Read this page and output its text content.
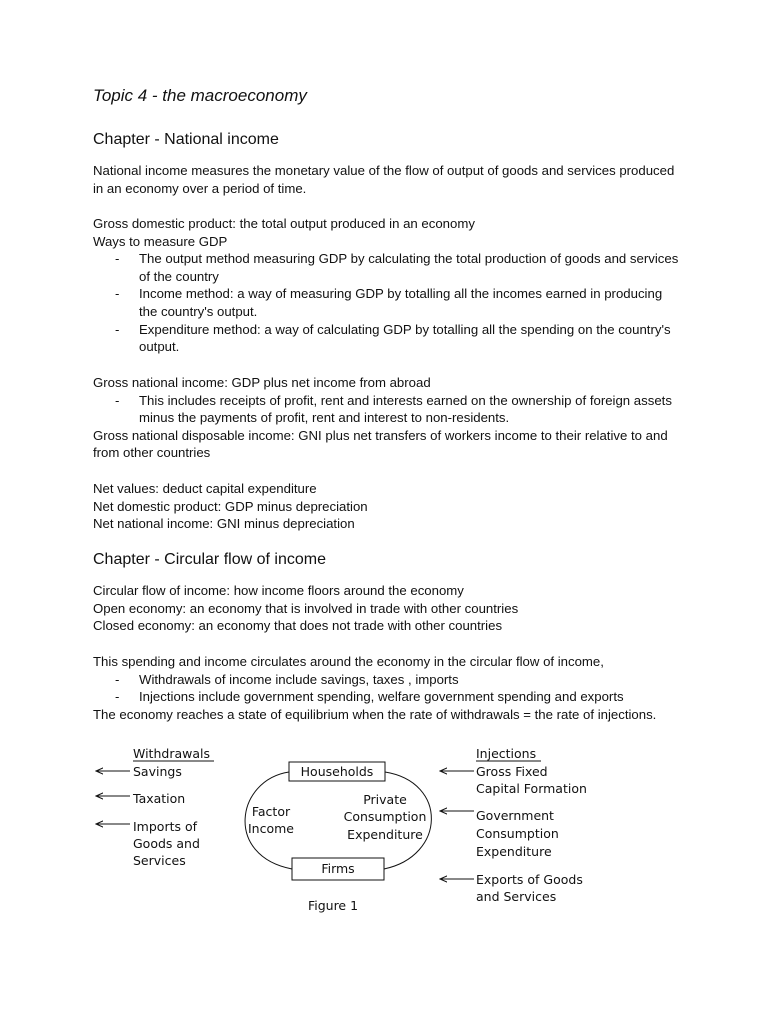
Topic 4 - the macroeconomy
Chapter - National income

National income measures the monetary value of the flow of output of goods and services produced in an economy over a period of time.

Gross domestic product: the total output produced in an economy

Ways to measure GDP

- The output method measuring GDP by calculating the total production of goods and services of the country
- Income method: a way of measuring GDP by totalling all the incomes earned in producing the country's output.
- Expenditure method: a way of calculating GDP by totalling all the spending on the country's output.

Gross national income: GDP plus net income from abroad

- This includes receipts of profit, rent and interests earned on the ownership of foreign assets minus the payments of profit, rent and interest to non-residents.

Gross national disposable income: GNI plus net transfers of workers income to their relative to and from other countries

Net values: deduct capital expenditure

Net domestic product: GDP minus depreciation

Net national income: GNI minus depreciation

Chapter - Circular flow of income

Circular flow of income: how income floors around the economy

Open economy: an economy that is involved in trade with other countries

Closed economy: an economy that does not trade with other countries

This spending and income circulates around the economy in the circular flow of income,

- Withdrawals of income include savings, taxes , imports
- Injections include government spending, welfare government spending and exports

The economy reaches a state of equilibrium when the rate of withdrawals = the rate of injections.

Withdrawals
Savings
Taxation
Imports of
Goods and
Services
Households
Firms
Factor
Income
Private
Consumption
Expenditure
Injections
Gross Fixed
Capital Formation
Government
Consumption
Expenditure
Exports of Goods
and Services
Figure 1
